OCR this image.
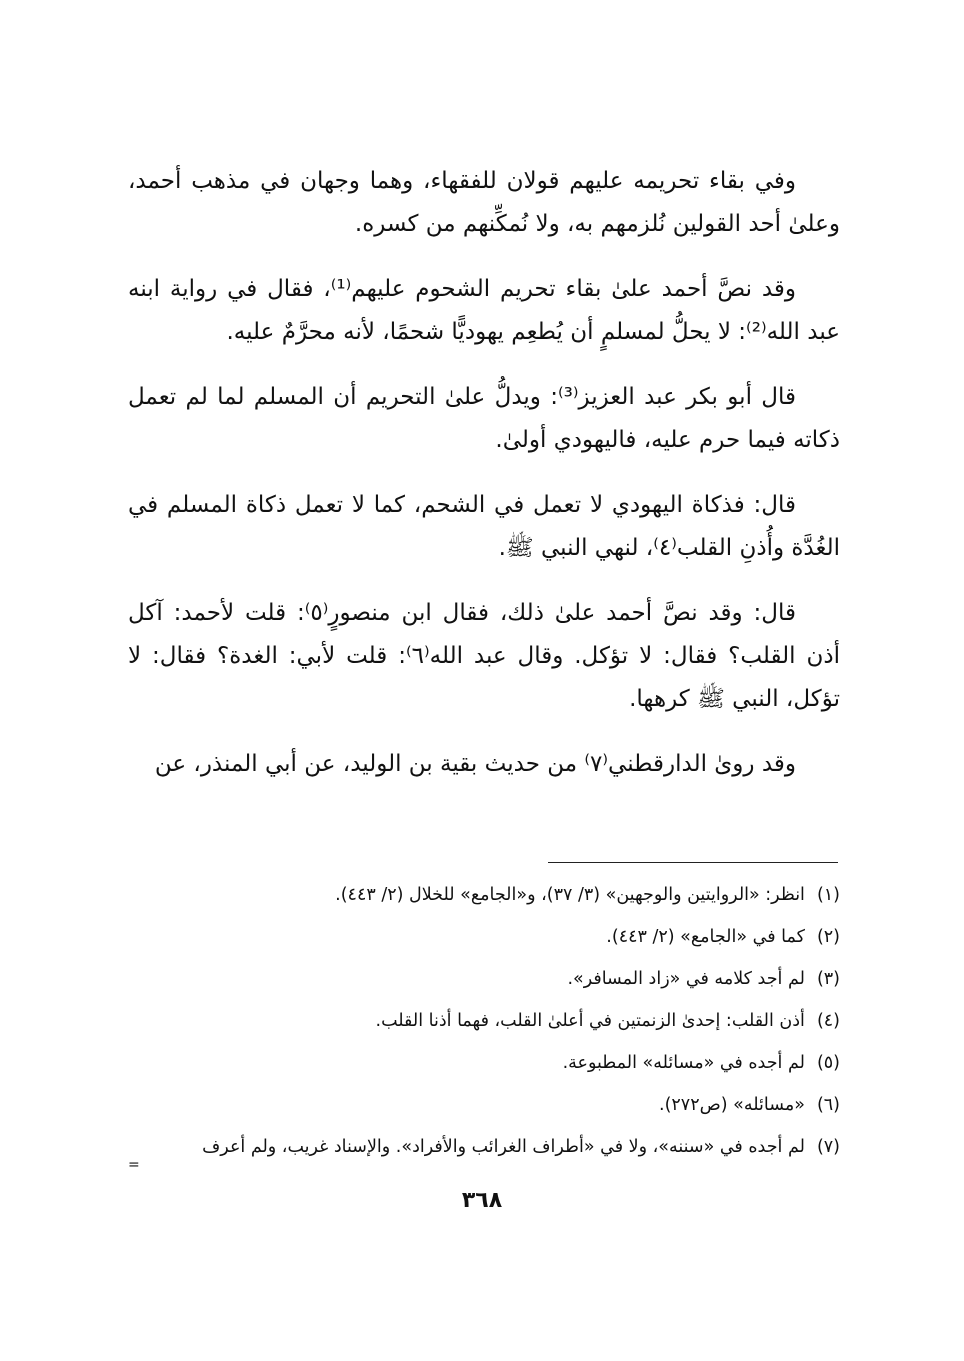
وفي بقاء تحريمه عليهم قولان للفقهاء، وهما وجهان في مذهب أحمد، وعلىٰ أحد القولين نُلزمهم به، ولا نُمكِّنهم من كسره.

وقد نصَّ أحمد علىٰ بقاء تحريم الشحوم عليهم⁽¹⁾، فقال في رواية ابنه عبد الله⁽²⁾: لا يحلُّ لمسلمٍ أن يُطعِم يهوديًّا شحمًا، لأنه محرَّمٌ عليه.

قال أبو بكر عبد العزيز⁽³⁾: ويدلُّ علىٰ التحريم أن المسلم لما لم تعمل ذكاته فيما حرم عليه، فاليهودي أولىٰ.

قال: فذكاة اليهودي لا تعمل في الشحم، كما لا تعمل ذكاة المسلم في الغُدَّة وأُذنِ القلب⁽٤⁾، لنهي النبي ﷺ.

قال: وقد نصَّ أحمد علىٰ ذلك، فقال ابن منصورٍ⁽٥⁾: قلت لأحمد: آكل أذن القلب؟ فقال: لا تؤكل. وقال عبد الله⁽٦⁾: قلت لأبي: الغدة؟ فقال: لا تؤكل، النبي ﷺ كرهها.

وقد روىٰ الدارقطني⁽٧⁾ من حديث بقية بن الوليد، عن أبي المنذر، عن

(١)
انظر: «الروايتين والوجهين» (٣/ ٣٧)، و«الجامع» للخلال (٢/ ٤٤٣).
(٢)
كما في «الجامع» (٢/ ٤٤٣).
(٣)
لم أجد كلامه في «زاد المسافر».
(٤)
أذن القلب: إحدىٰ الزنمتين في أعلىٰ القلب، فهما أذنا القلب.
(٥)
لم أجده في «مسائله» المطبوعة.
(٦)
«مسائله» (ص٢٧٢).
(٧)
لم أجده في «سننه»، ولا في «أطراف الغرائب والأفراد». والإسناد غريب، ولم أعرف
=
٣٦٨
